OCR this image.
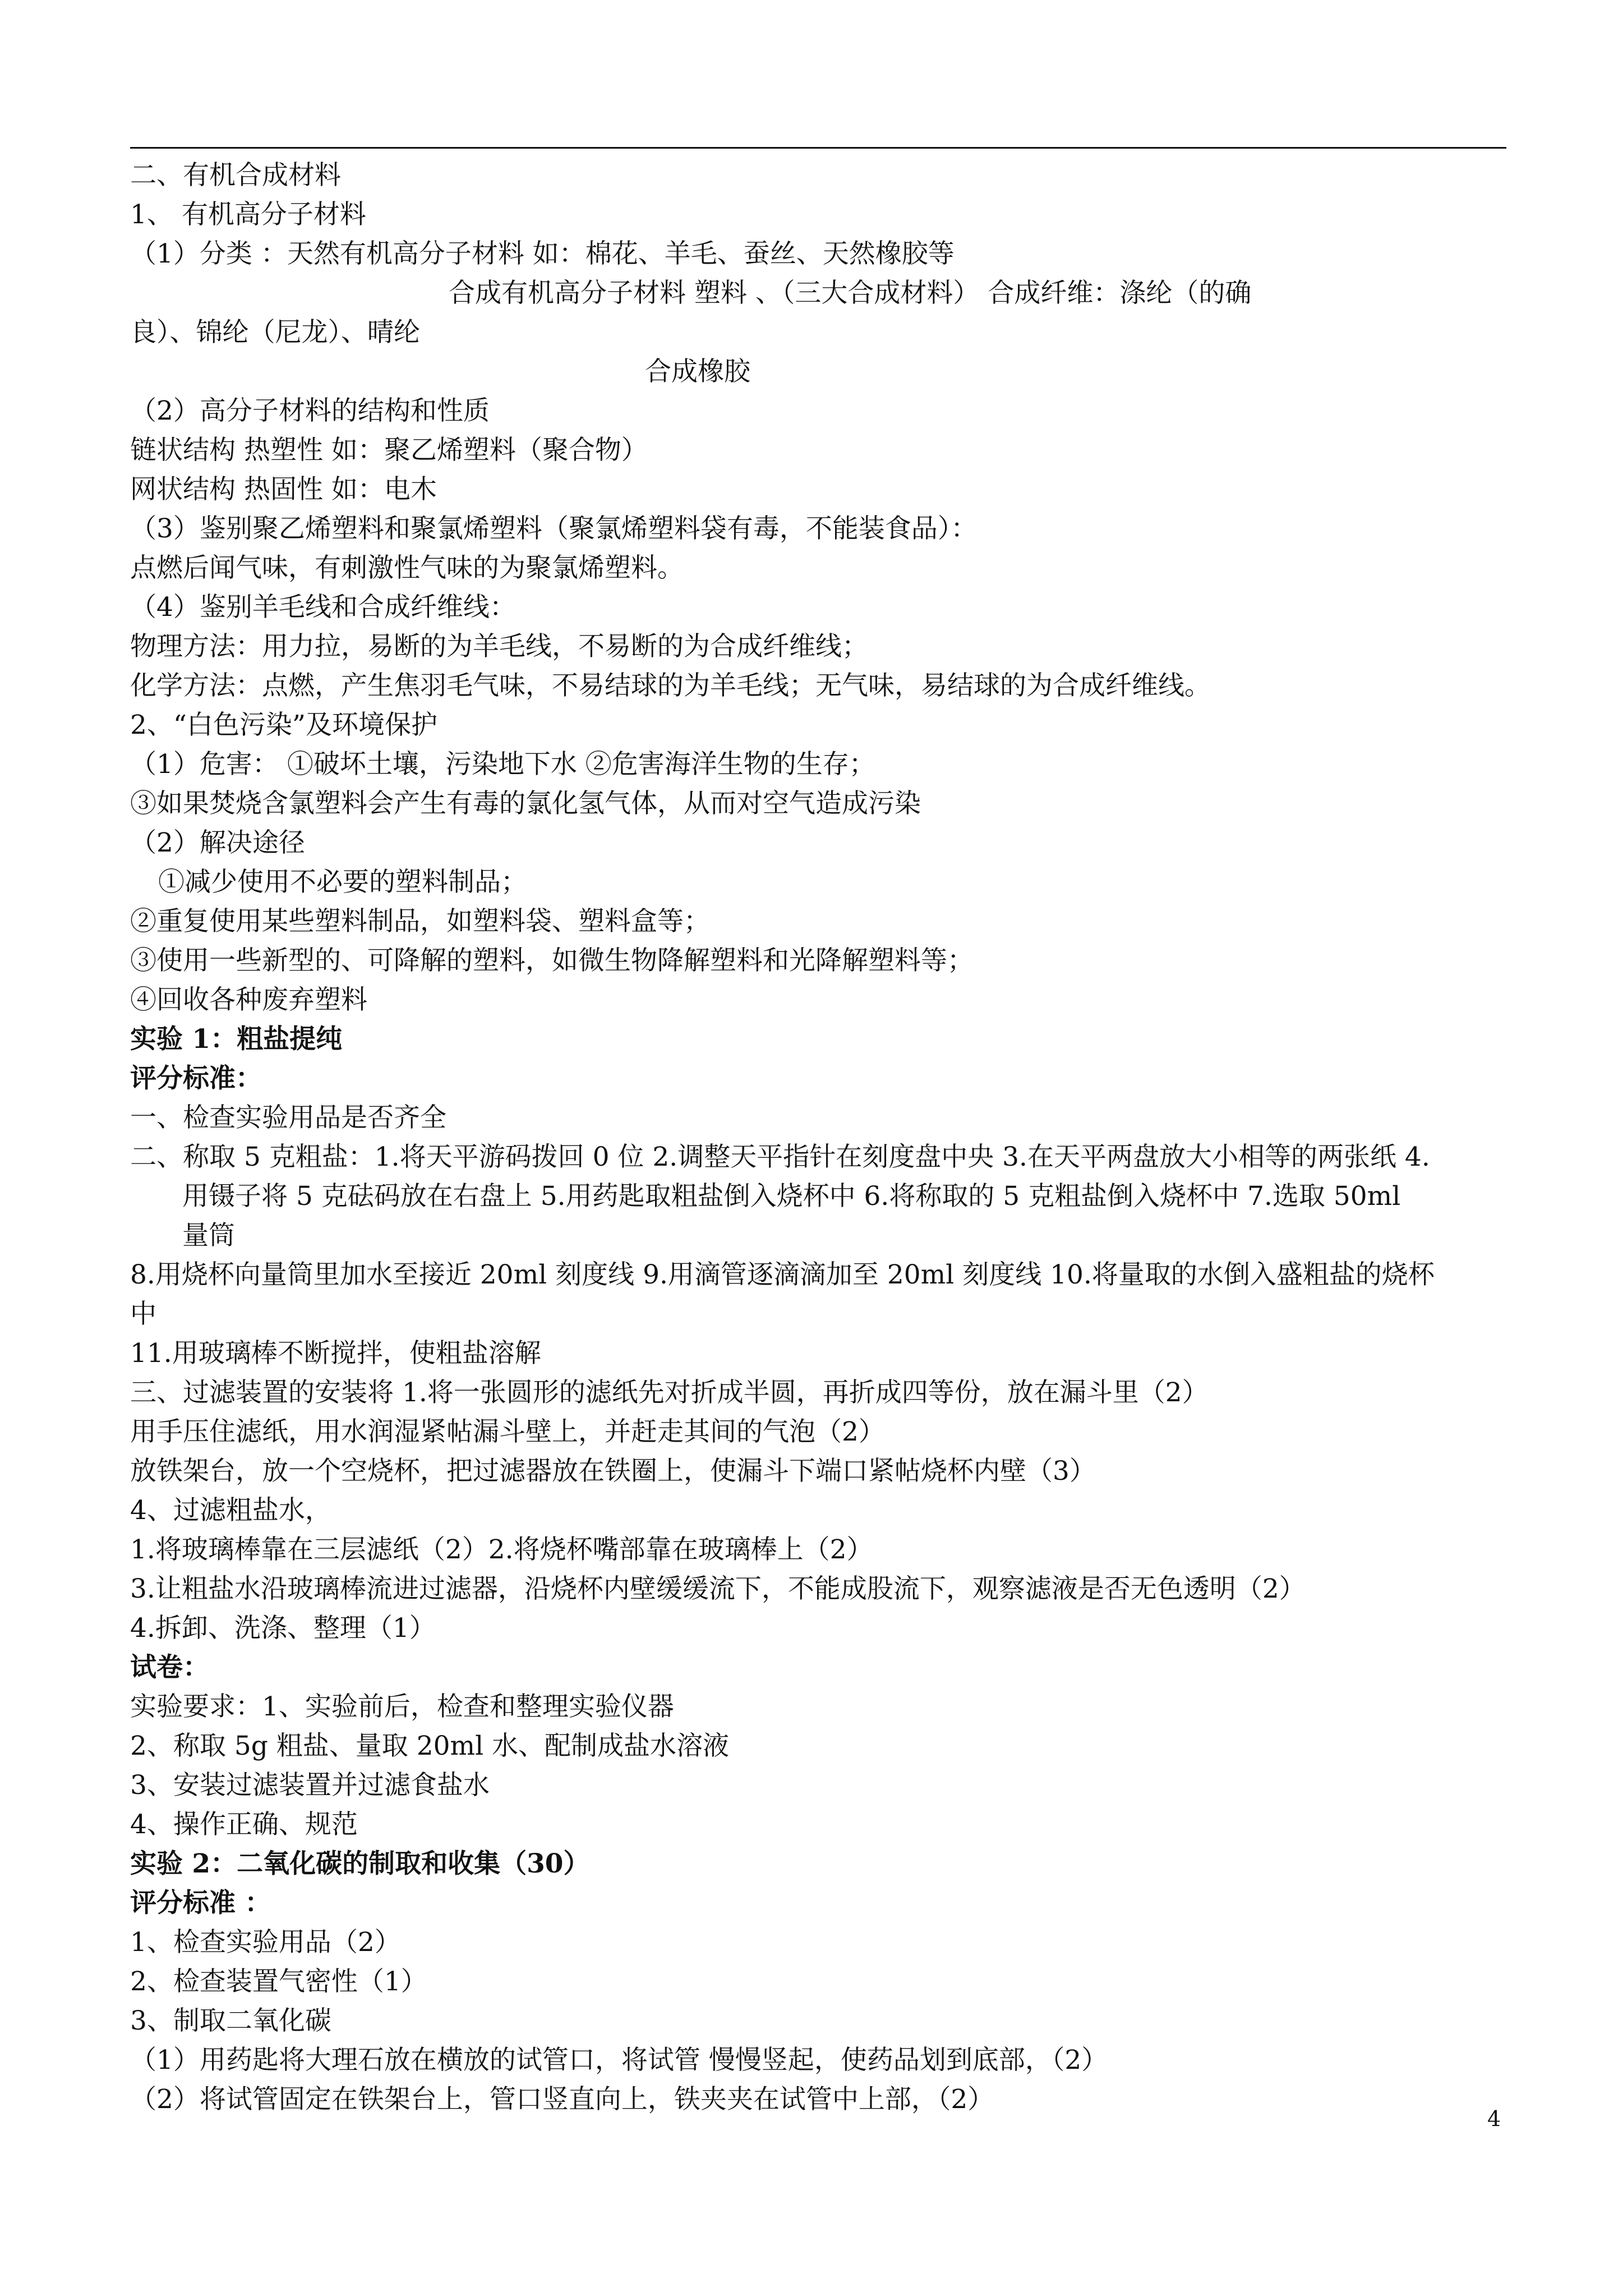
二、有机合成材料
1、 有机高分子材料
（1）分类 ：天然有机高分子材料 如：棉花、羊毛、蚕丝、天然橡胶等
合成有机高分子材料 塑料 、（三大合成材料） 合成纤维：涤纶（的确
良）、锦纶（尼龙）、晴纶
合成橡胶
（2）高分子材料的结构和性质
链状结构 热塑性 如：聚乙烯塑料（聚合物）
网状结构 热固性 如：电木
（3）鉴别聚乙烯塑料和聚氯烯塑料（聚氯烯塑料袋有毒，不能装食品）：
点燃后闻气味，有刺激性气味的为聚氯烯塑料。
（4）鉴别羊毛线和合成纤维线：
物理方法：用力拉，易断的为羊毛线，不易断的为合成纤维线；
化学方法：点燃，产生焦羽毛气味，不易结球的为羊毛线；无气味，易结球的为合成纤维线。
2、“白色污染”及环境保护
（1）危害： ①破坏土壤，污染地下水 ②危害海洋生物的生存；
③如果焚烧含氯塑料会产生有毒的氯化氢气体，从而对空气造成污染
（2）解决途径
①减少使用不必要的塑料制品；
②重复使用某些塑料制品，如塑料袋、塑料盒等；
③使用一些新型的、可降解的塑料，如微生物降解塑料和光降解塑料等；
④回收各种废弃塑料
实验 1：粗盐提纯
评分标准：
一、检查实验用品是否齐全
二、称取 5 克粗盐：1.将天平游码拨回 0 位 2.调整天平指针在刻度盘中央 3.在天平两盘放大小相等的两张纸 4.
用镊子将 5 克砝码放在右盘上 5.用药匙取粗盐倒入烧杯中 6.将称取的 5 克粗盐倒入烧杯中 7.选取 50ml
量筒
8.用烧杯向量筒里加水至接近 20ml 刻度线 9.用滴管逐滴滴加至 20ml 刻度线 10.将量取的水倒入盛粗盐的烧杯
中
11.用玻璃棒不断搅拌，使粗盐溶解
三、过滤装置的安装将 1.将一张圆形的滤纸先对折成半圆，再折成四等份，放在漏斗里（2）
用手压住滤纸，用水润湿紧帖漏斗壁上，并赶走其间的气泡（2）
放铁架台，放一个空烧杯，把过滤器放在铁圈上，使漏斗下端口紧帖烧杯内壁（3）
4、过滤粗盐水，
1.将玻璃棒靠在三层滤纸（2）2.将烧杯嘴部靠在玻璃棒上（2）
3.让粗盐水沿玻璃棒流进过滤器，沿烧杯内壁缓缓流下，不能成股流下，观察滤液是否无色透明（2）
4.拆卸、洗涤、整理（1）
试卷：
实验要求：1、实验前后，检查和整理实验仪器
2、称取 5g 粗盐、量取 20ml 水、配制成盐水溶液
3、安装过滤装置并过滤食盐水
4、操作正确、规范
实验 2：二氧化碳的制取和收集（30）
评分标准 ：
1、检查实验用品（2）
2、检查装置气密性（1）
3、制取二氧化碳
（1）用药匙将大理石放在横放的试管口，将试管 慢慢竖起，使药品划到底部，（2）
（2）将试管固定在铁架台上，管口竖直向上，铁夹夹在试管中上部，（2）
4
